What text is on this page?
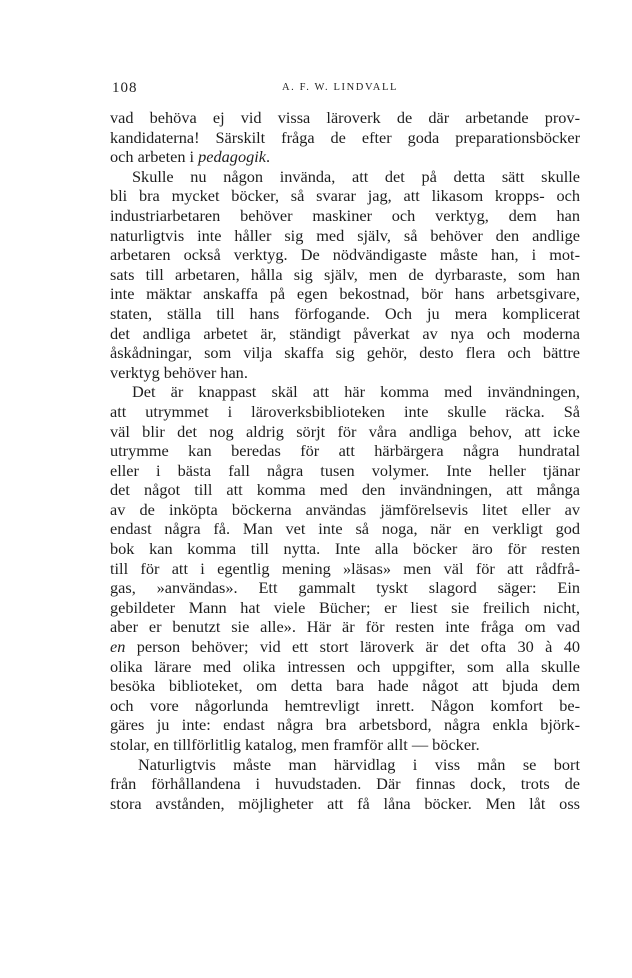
108	A. F. W. LINDVALL
vad behöva ej vid vissa läroverk de där arbetande prov-
kandidaterna! Särskilt fråga de efter goda preparationsböcker
och arbeten i pedagogik.
Skulle nu någon invända, att det på detta sätt skulle
bli bra mycket böcker, så svarar jag, att likasom kropps- och
industriarbetaren behöver maskiner och verktyg, dem han
naturligtvis inte håller sig med själv, så behöver den andlige
arbetaren också verktyg. De nödvändigaste måste han, i mot-
sats till arbetaren, hålla sig själv, men de dyrbaraste, som han
inte mäktar anskaffa på egen bekostnad, bör hans arbetsgivare,
staten, ställa till hans förfogande. Och ju mera komplicerat
det andliga arbetet är, ständigt påverkat av nya och moderna
åskådningar, som vilja skaffa sig gehör, desto flera och bättre
verktyg behöver han.
Det är knappast skäl att här komma med invändningen,
att utrymmet i läroverksbiblioteken inte skulle räcka. Så
väl blir det nog aldrig sörjt för våra andliga behov, att icke
utrymme kan beredas för att härbärgera några hundratal
eller i bästa fall några tusen volymer. Inte heller tjänar
det något till att komma med den invändningen, att många
av de inköpta böckerna användas jämförelsevis litet eller av
endast några få. Man vet inte så noga, när en verkligt god
bok kan komma till nytta. Inte alla böcker äro för resten
till för att i egentlig mening »läsas» men väl för att rådfrå-
gas, »användas». Ett gammalt tyskt slagord säger: Ein
gebildeter Mann hat viele Bücher; er liest sie freilich nicht,
aber er benutzt sie alle». Här är för resten inte fråga om vad
en person behöver; vid ett stort läroverk är det ofta 30 à 40
olika lärare med olika intressen och uppgifter, som alla skulle
besöka biblioteket, om detta bara hade något att bjuda dem
och vore någorlunda hemtrevligt inrett. Någon komfort be-
gäres ju inte: endast några bra arbetsbord, några enkla björk-
stolar, en tillförlitlig katalog, men framför allt — böcker.
Naturligtvis måste man härvidlag i viss mån se bort
från förhållandena i huvudstaden. Där finnas dock, trots de
stora avstånden, möjligheter att få låna böcker. Men låt oss
